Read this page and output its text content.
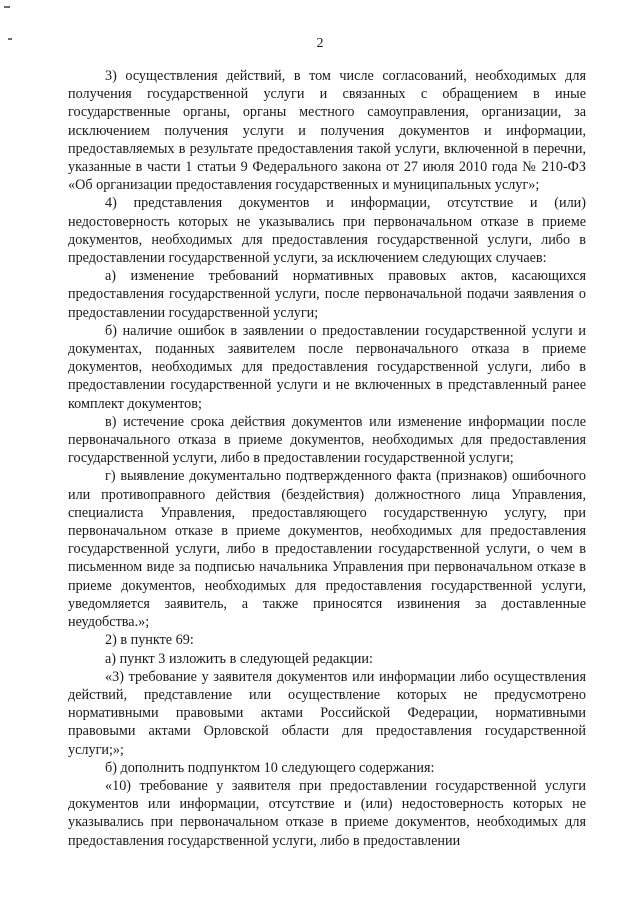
2

3) осуществления действий, в том числе согласований, необходимых для получения государственной услуги и связанных с обращением в иные государственные органы, органы местного самоуправления, организации, за исключением получения услуги и получения документов и информации, предоставляемых в результате предоставления такой услуги, включенной в перечни, указанные в части 1 статьи 9 Федерального закона от 27 июля 2010 года № 210-ФЗ «Об организации предоставления государственных и муниципальных услуг»;

4) представления документов и информации, отсутствие и (или) недостоверность которых не указывались при первоначальном отказе в приеме документов, необходимых для предоставления государственной услуги, либо в предоставлении государственной услуги, за исключением следующих случаев:

а) изменение требований нормативных правовых актов, касающихся предоставления государственной услуги, после первоначальной подачи заявления о предоставлении государственной услуги;

б) наличие ошибок в заявлении о предоставлении государственной услуги и документах, поданных заявителем после первоначального отказа в приеме документов, необходимых для предоставления государственной услуги, либо в предоставлении государственной услуги и не включенных в представленный ранее комплект документов;

в) истечение срока действия документов или изменение информации после первоначального отказа в приеме документов, необходимых для предоставления государственной услуги, либо в предоставлении государственной услуги;

г) выявление документально подтвержденного факта (признаков) ошибочного или противоправного действия (бездействия) должностного лица Управления, специалиста Управления, предоставляющего государственную услугу, при первоначальном отказе в приеме документов, необходимых для предоставления государственной услуги, либо в предоставлении государственной услуги, о чем в письменном виде за подписью начальника Управления при первоначальном отказе в приеме документов, необходимых для предоставления государственной услуги, уведомляется заявитель, а также приносятся извинения за доставленные неудобства.»;

2) в пункте 69:

а) пункт 3 изложить в следующей редакции:

«3) требование у заявителя документов или информации либо осуществления действий, представление или осуществление которых не предусмотрено нормативными правовыми актами Российской Федерации, нормативными правовыми актами Орловской области для предоставления государственной услуги;»;

б) дополнить подпунктом 10 следующего содержания:

«10) требование у заявителя при предоставлении государственной услуги документов или информации, отсутствие и (или) недостоверность которых не указывались при первоначальном отказе в приеме документов, необходимых для предоставления государственной услуги, либо в предоставлении
